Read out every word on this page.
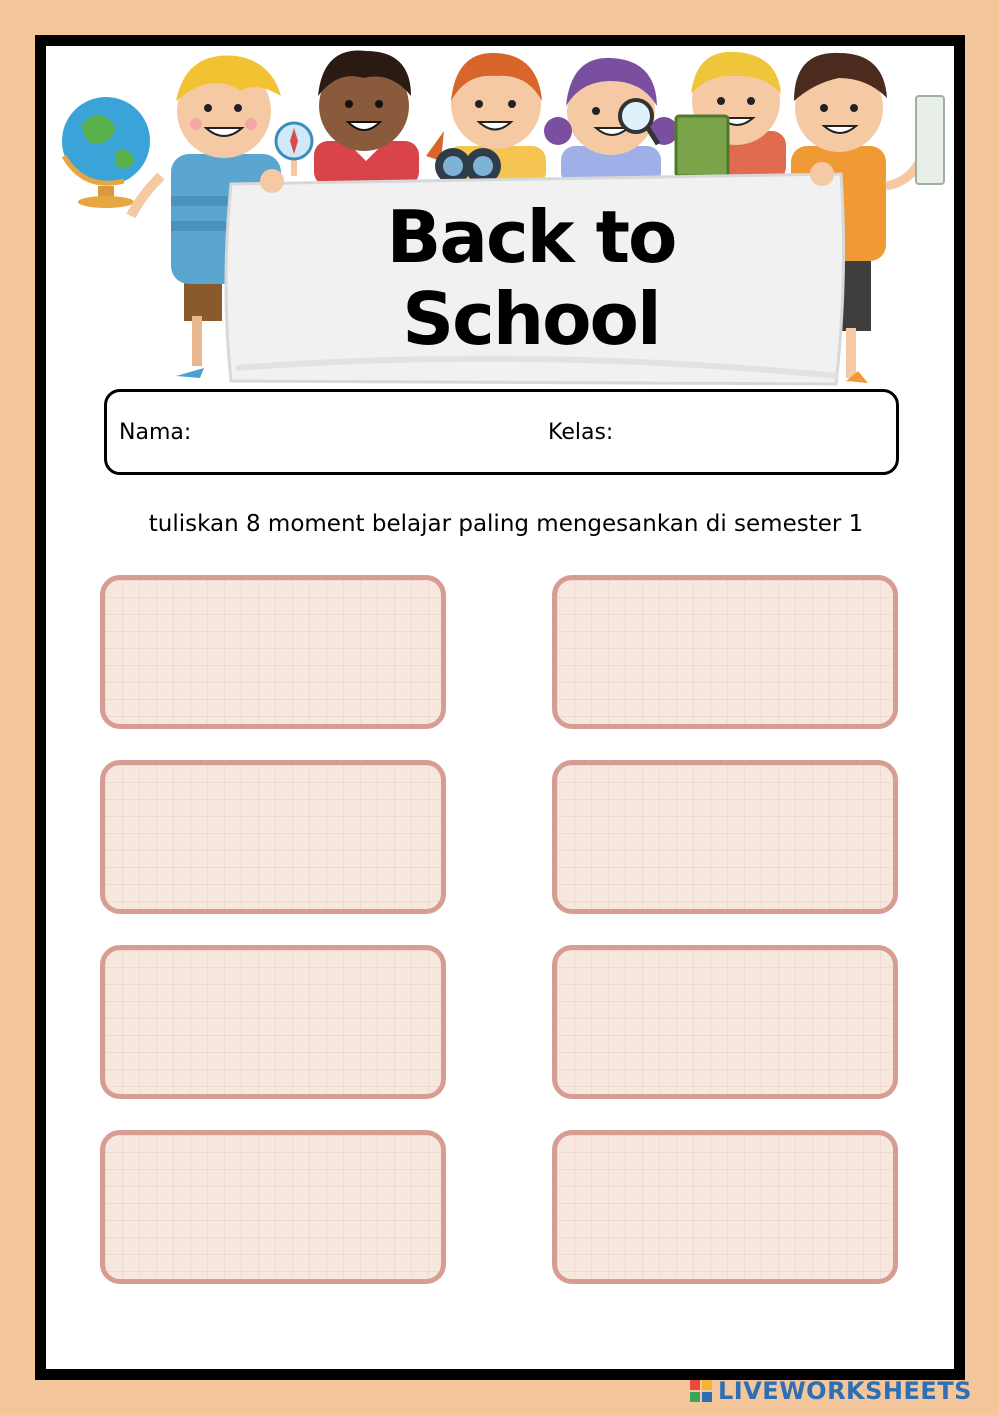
Back to
School
Nama:	Kelas:
tuliskan 8 moment belajar paling mengesankan di semester 1
LIVEWORKSHEETS
